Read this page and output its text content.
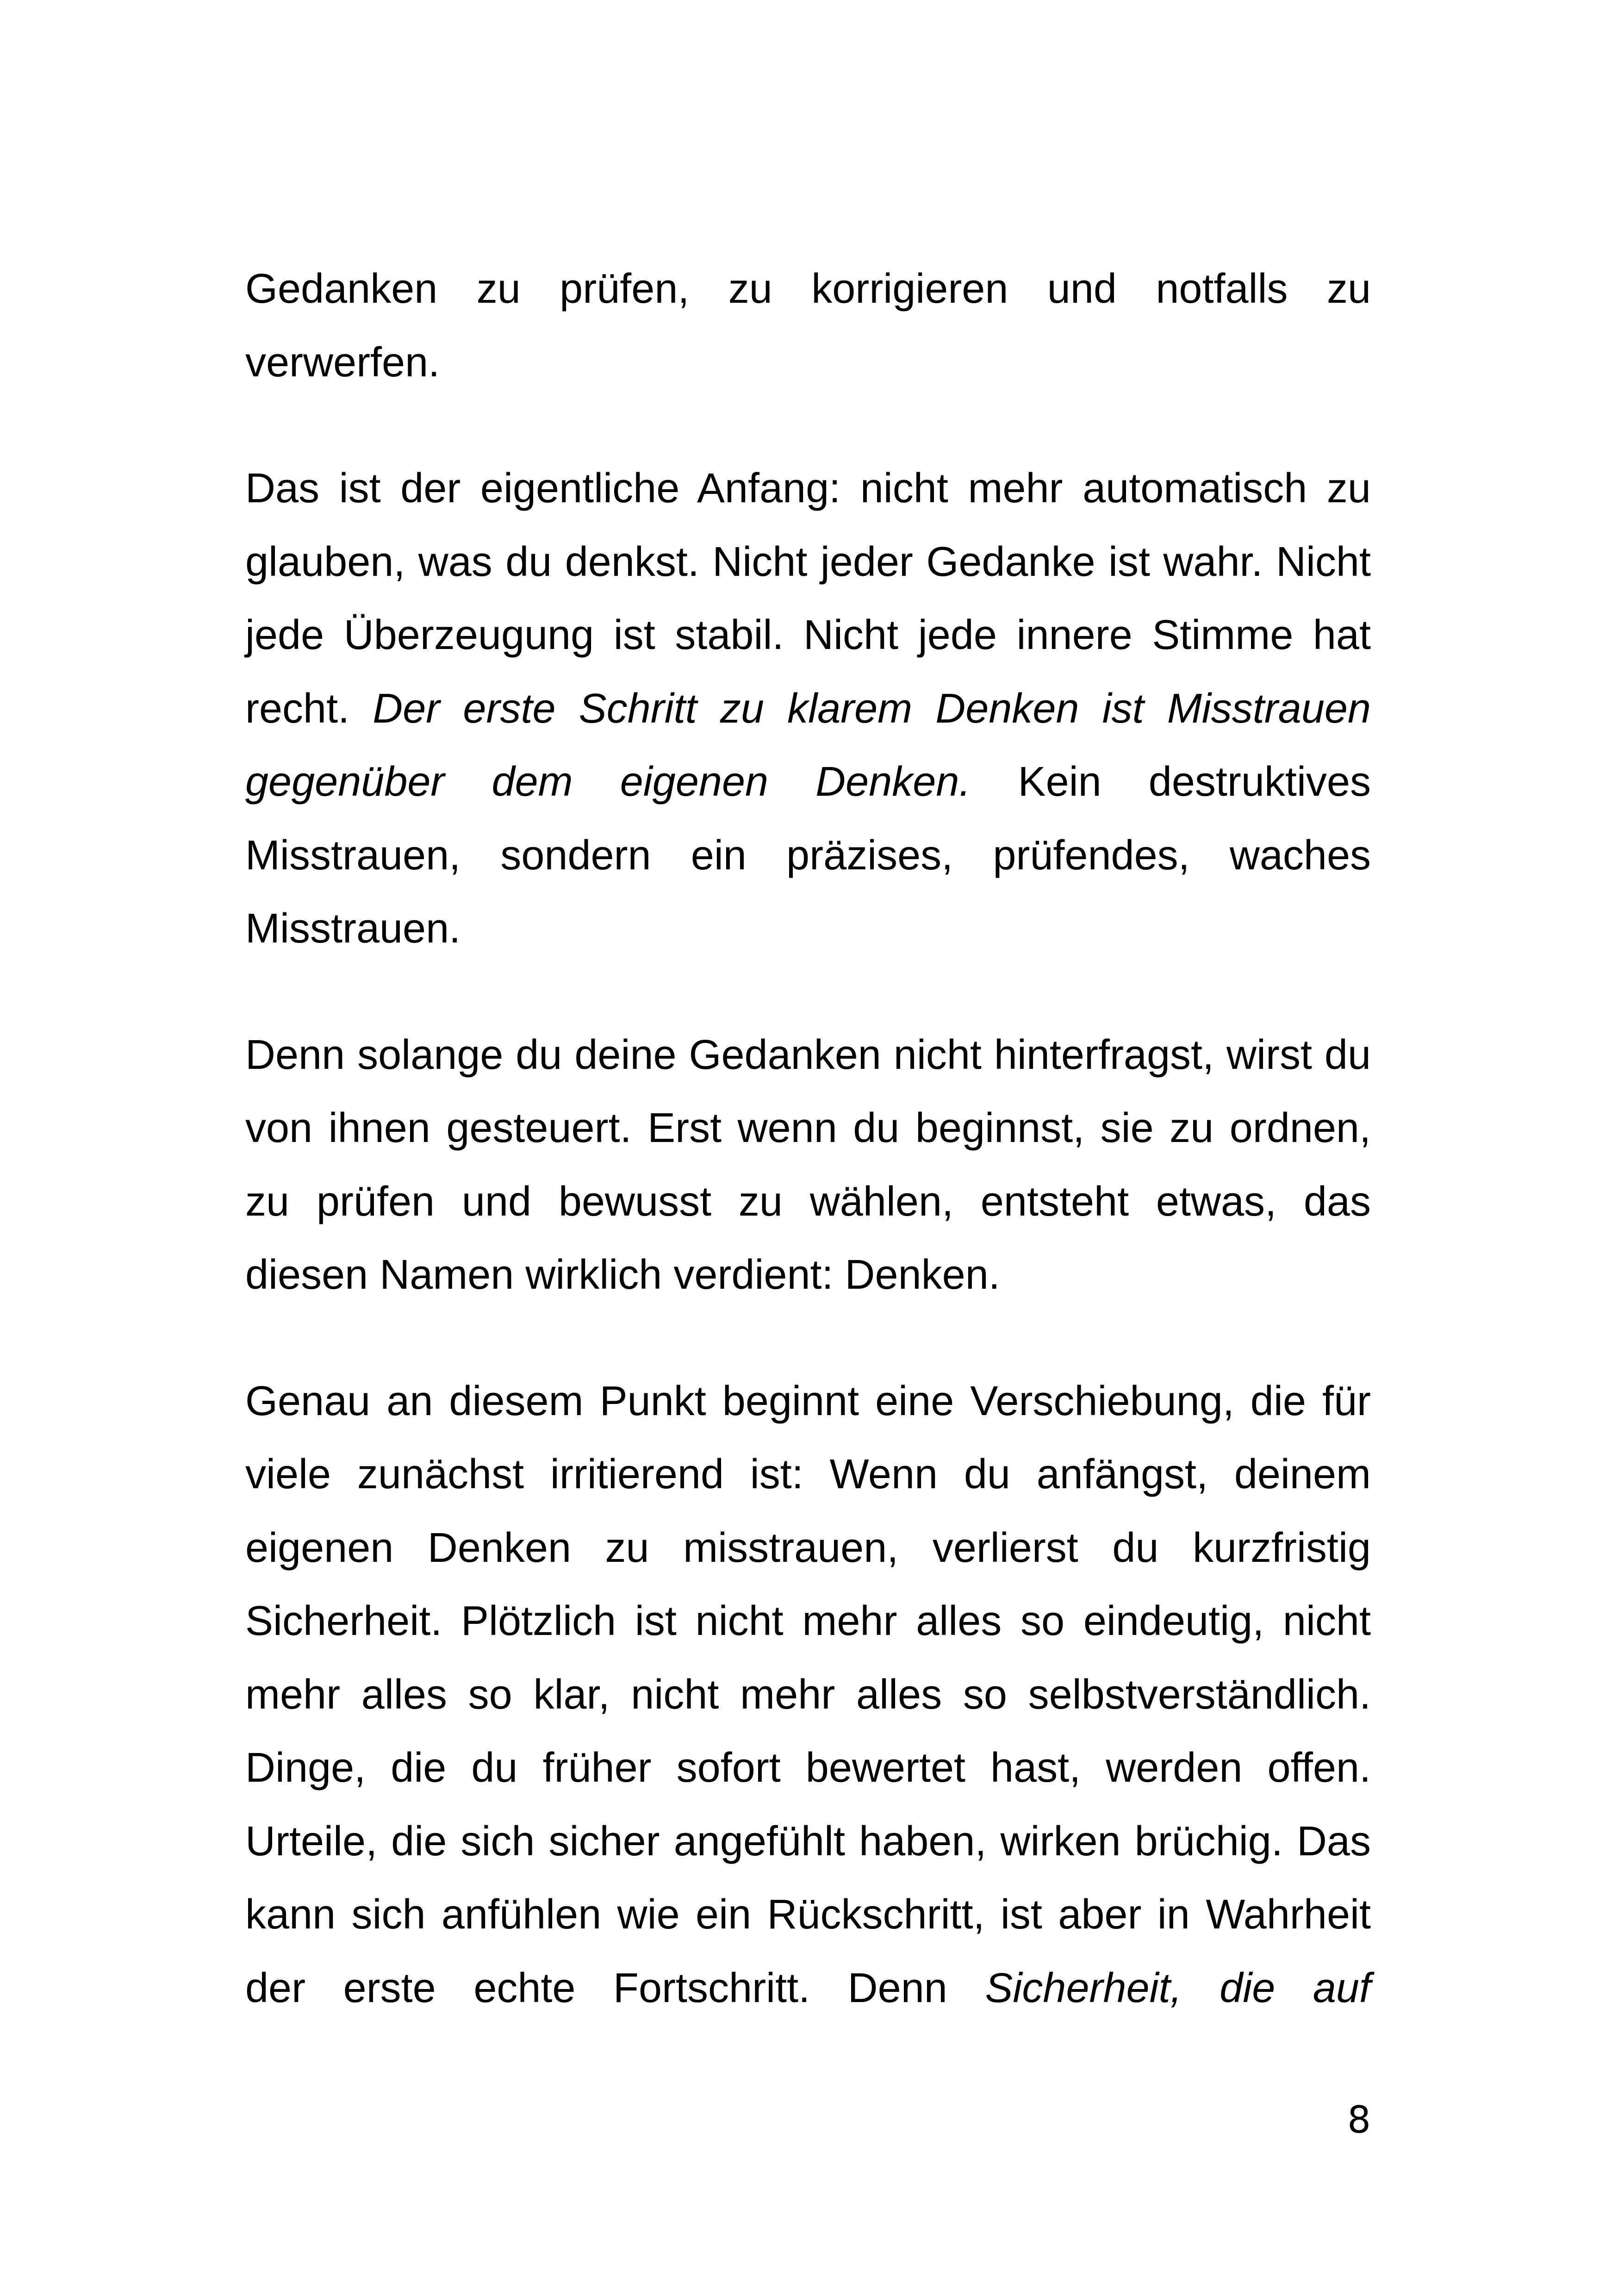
Gedanken zu prüfen, zu korrigieren und notfalls zu verwerfen.

Das ist der eigentliche Anfang: nicht mehr automatisch zu glauben, was du denkst. Nicht jeder Gedanke ist wahr. Nicht jede Überzeugung ist stabil. Nicht jede innere Stimme hat recht. Der erste Schritt zu klarem Denken ist Misstrauen gegenüber dem eigenen Denken. Kein destruktives Misstrauen, sondern ein präzises, prüfendes, waches Misstrauen.

Denn solange du deine Gedanken nicht hinterfragst, wirst du von ihnen gesteuert. Erst wenn du beginnst, sie zu ordnen, zu prüfen und bewusst zu wählen, entsteht etwas, das diesen Namen wirklich verdient: Denken.

Genau an diesem Punkt beginnt eine Verschiebung, die für viele zunächst irritierend ist: Wenn du anfängst, deinem eigenen Denken zu misstrauen, verlierst du kurzfristig Sicherheit. Plötzlich ist nicht mehr alles so eindeutig, nicht mehr alles so klar, nicht mehr alles so selbstverständlich. Dinge, die du früher sofort bewertet hast, werden offen. Urteile, die sich sicher angefühlt haben, wirken brüchig. Das kann sich anfühlen wie ein Rückschritt, ist aber in Wahrheit der erste echte Fortschritt. Denn Sicherheit, die auf

8
